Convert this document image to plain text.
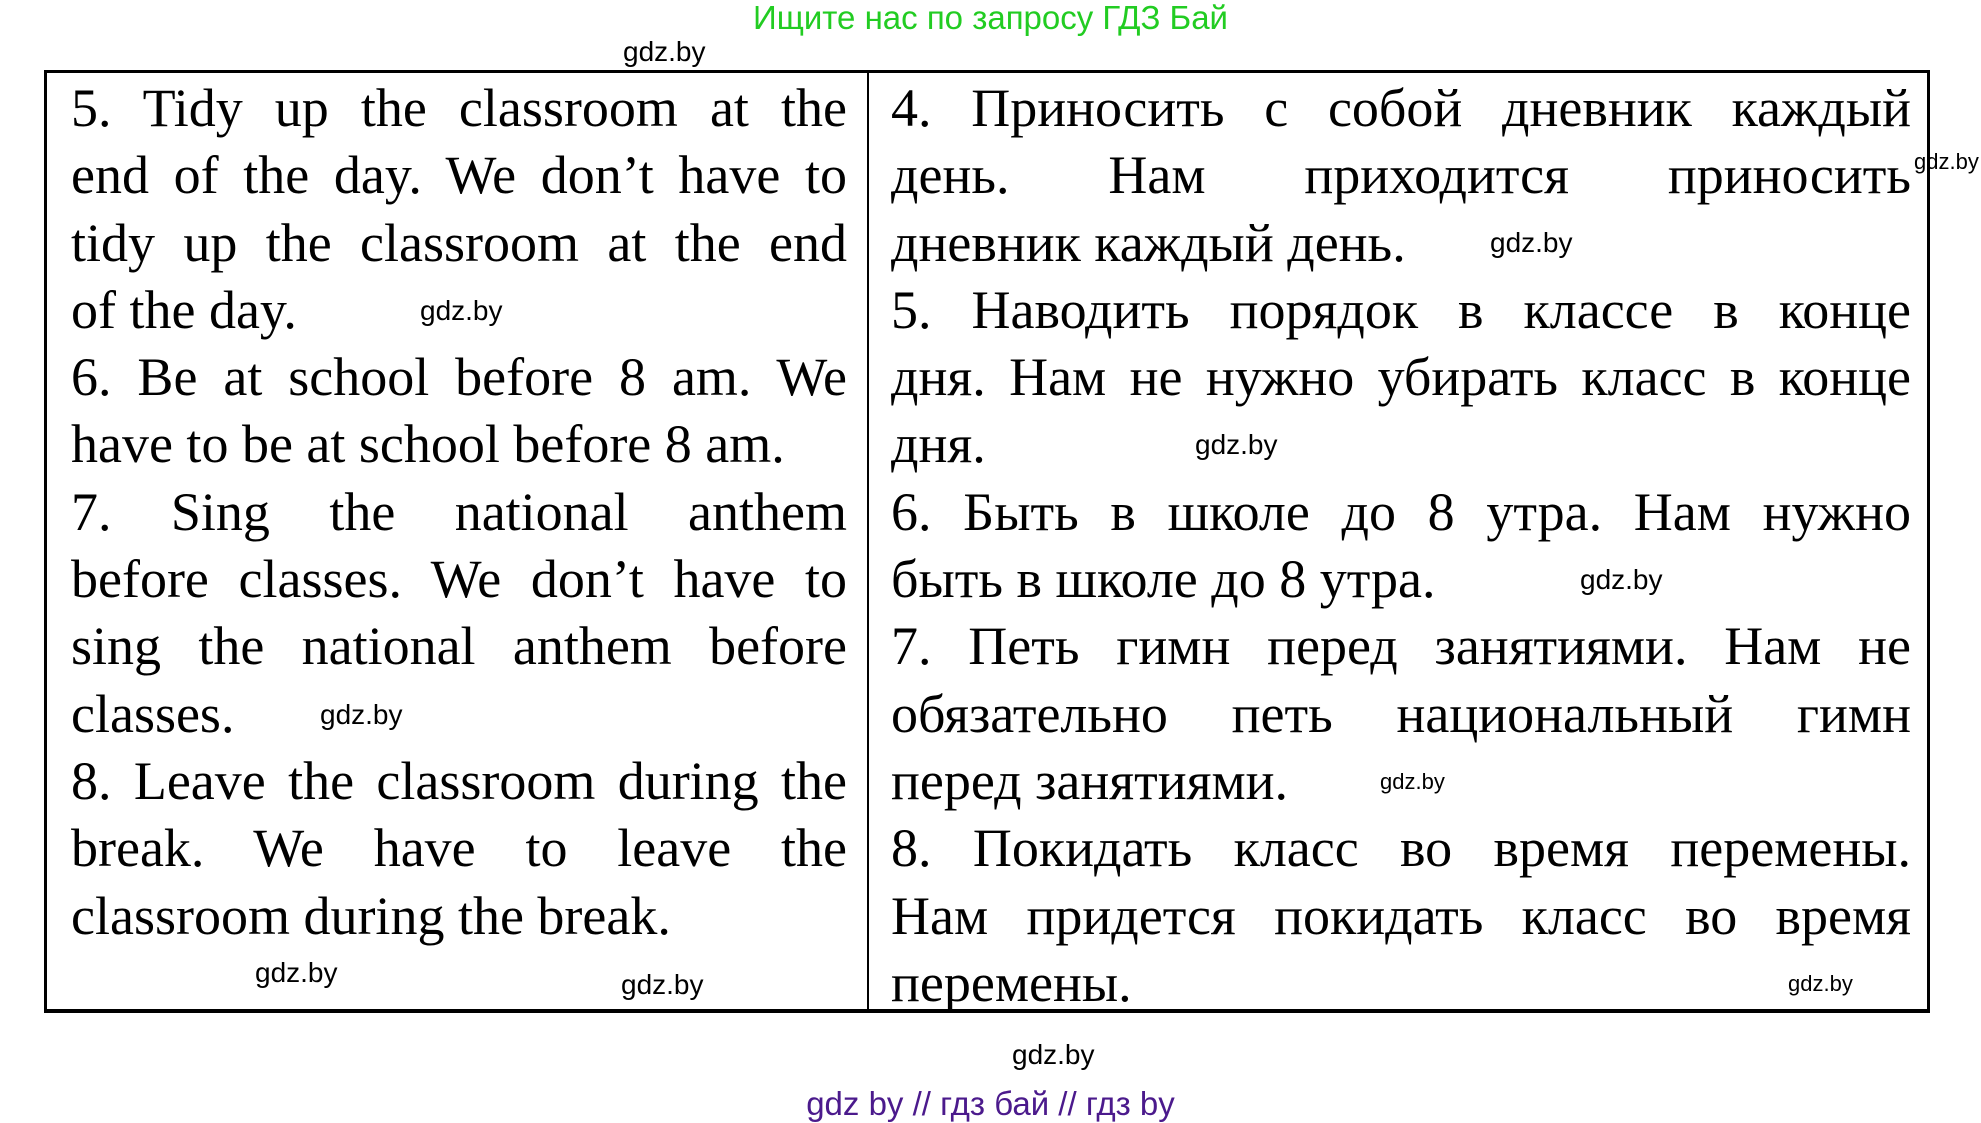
Ищите нас по запросу ГДЗ Бай
5. Tidy up the classroom at the
end of the day. We don’t have to
tidy up the classroom at the end
of the day.
6. Be at school before 8 am. We
have to be at school before 8 am.
7. Sing the national anthem
before classes. We don’t have to
sing the national anthem before
classes.
8. Leave the classroom during the
break. We have to leave the
classroom during the break.
4. Приносить с собой дневник каждый
день. Нам приходится приносить
дневник каждый день.
5. Наводить порядок в классе в конце
дня. Нам не нужно убирать класс в конце
дня.
6. Быть в школе до 8 утра. Нам нужно
быть в школе до 8 утра.
7. Петь гимн перед занятиями. Нам не
обязательно петь национальный гимн
перед занятиями.
8. Покидать класс во время перемены.
Нам придется покидать класс во время
перемены.
gdz.by
gdz.by
gdz.by
gdz.by
gdz.by
gdz.by
gdz.by
gdz.by
gdz.by
gdz.by	gdz.by
gdz.by
gdz by // гдз бай // гдз by
